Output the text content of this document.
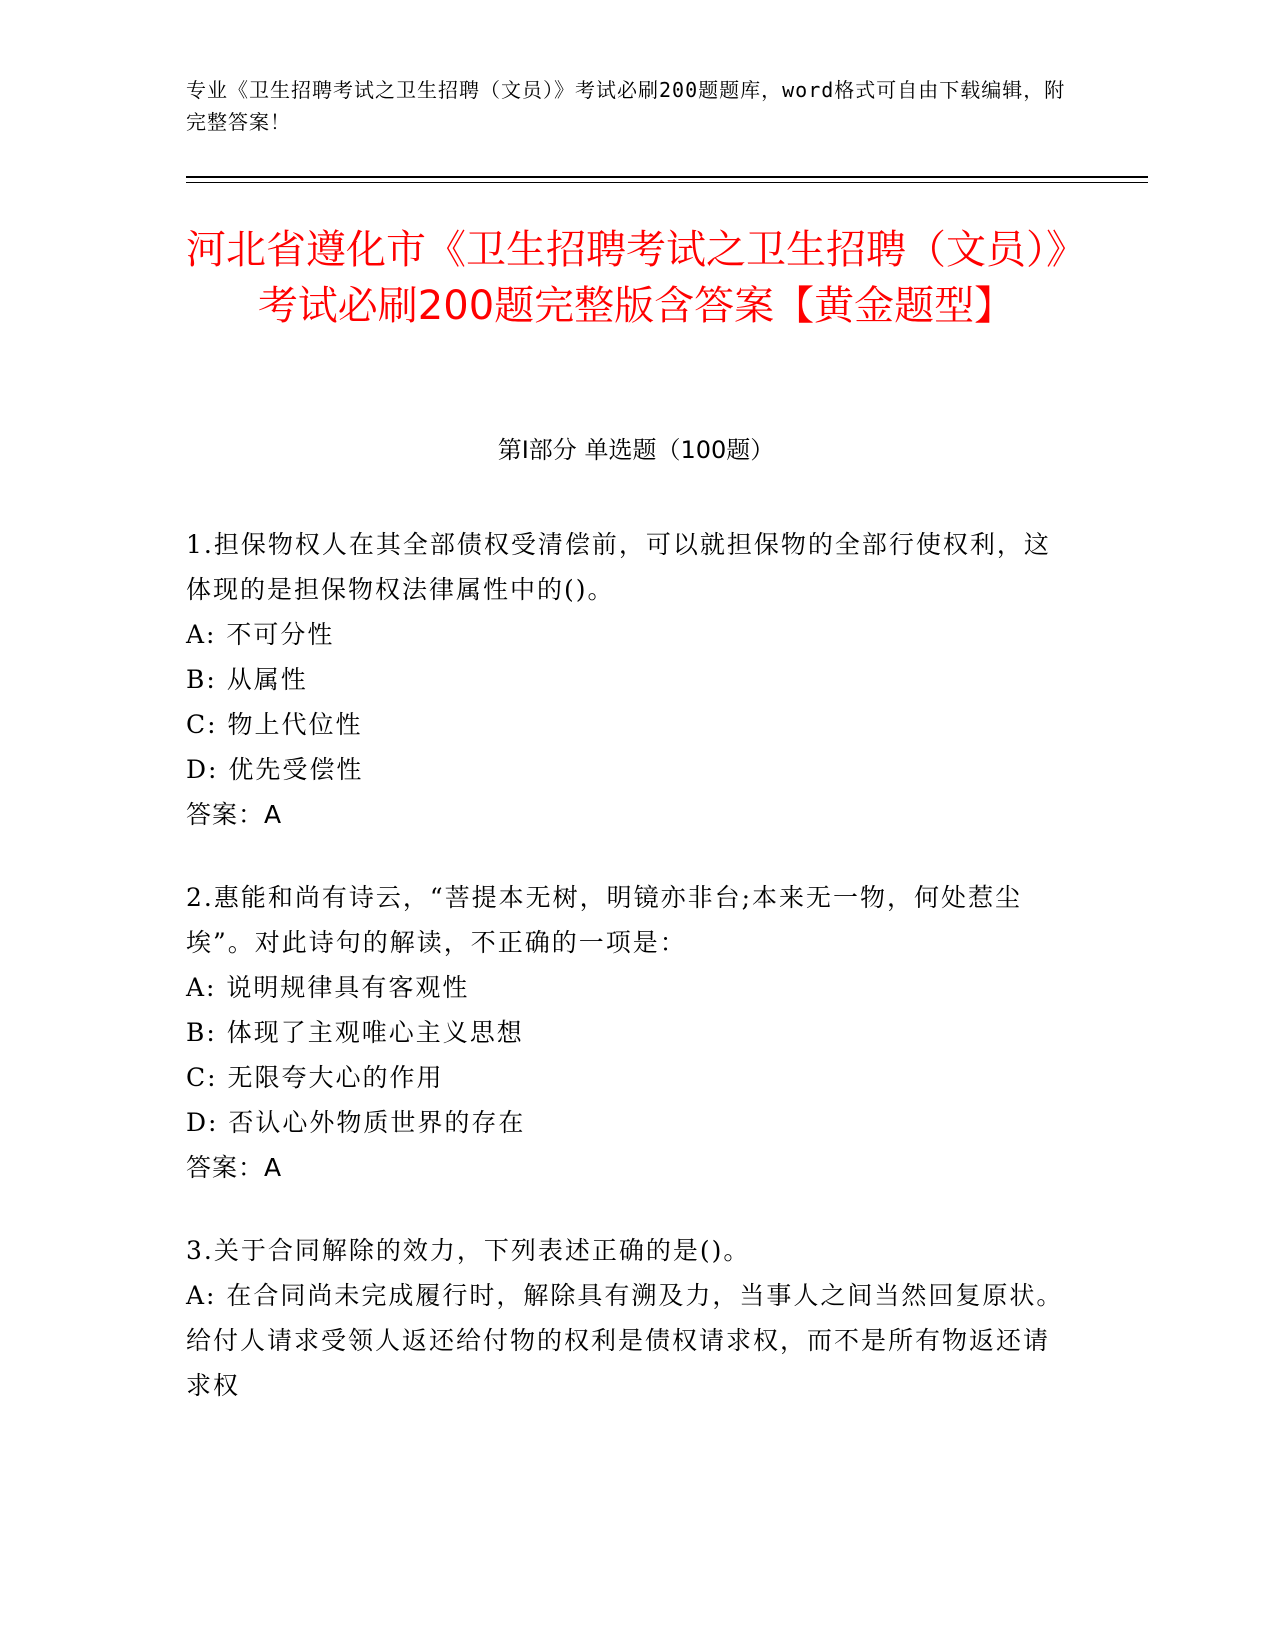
专业《卫生招聘考试之卫生招聘（文员）》考试必刷200题题库，word格式可自由下载编辑，附完整答案！
河北省遵化市《卫生招聘考试之卫生招聘（文员）》考试必刷200题完整版含答案【黄金题型】
第Ⅰ部分 单选题（100题）
1.担保物权人在其全部债权受清偿前，可以就担保物的全部行使权利，这体现的是担保物权法律属性中的()。
A: 不可分性
B: 从属性
C: 物上代位性
D: 优先受偿性
答案：A
2.惠能和尚有诗云，“菩提本无树，明镜亦非台;本来无一物，何处惹尘埃”。对此诗句的解读，不正确的一项是：
A: 说明规律具有客观性
B: 体现了主观唯心主义思想
C: 无限夸大心的作用
D: 否认心外物质世界的存在
答案：A
3.关于合同解除的效力，下列表述正确的是()。
A: 在合同尚未完成履行时，解除具有溯及力，当事人之间当然回复原状。给付人请求受领人返还给付物的权利是债权请求权，而不是所有物返还请求权
